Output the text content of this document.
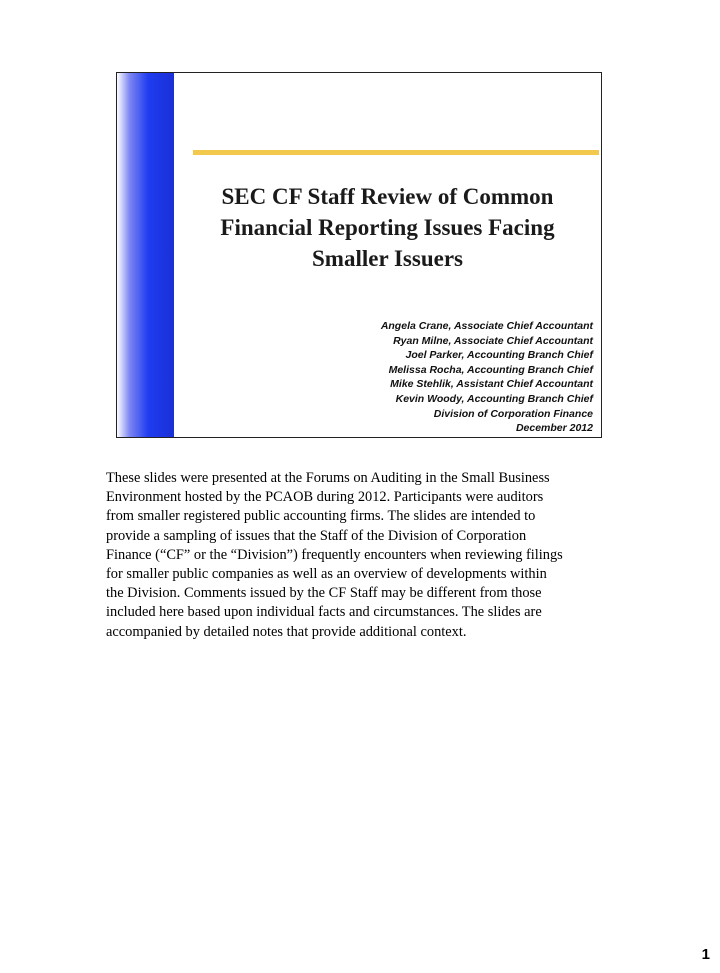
SEC CF Staff Review of Common
Financial Reporting Issues Facing
Smaller Issuers
Angela Crane, Associate Chief Accountant
Ryan Milne, Associate Chief Accountant
Joel Parker, Accounting Branch Chief
Melissa Rocha, Accounting Branch Chief
Mike Stehlik, Assistant Chief Accountant
Kevin Woody, Accounting Branch Chief
Division of Corporation Finance
December 2012
These slides were presented at the Forums on Auditing in the Small Business
Environment hosted by the PCAOB during 2012. Participants were auditors
from smaller registered public accounting firms. The slides are intended to
provide a sampling of issues that the Staff of the Division of Corporation
Finance (“CF” or the “Division”) frequently encounters when reviewing filings
for smaller public companies as well as an overview of developments within
the Division. Comments issued by the CF Staff may be different from those
included here based upon individual facts and circumstances. The slides are
accompanied by detailed notes that provide additional context.
1
